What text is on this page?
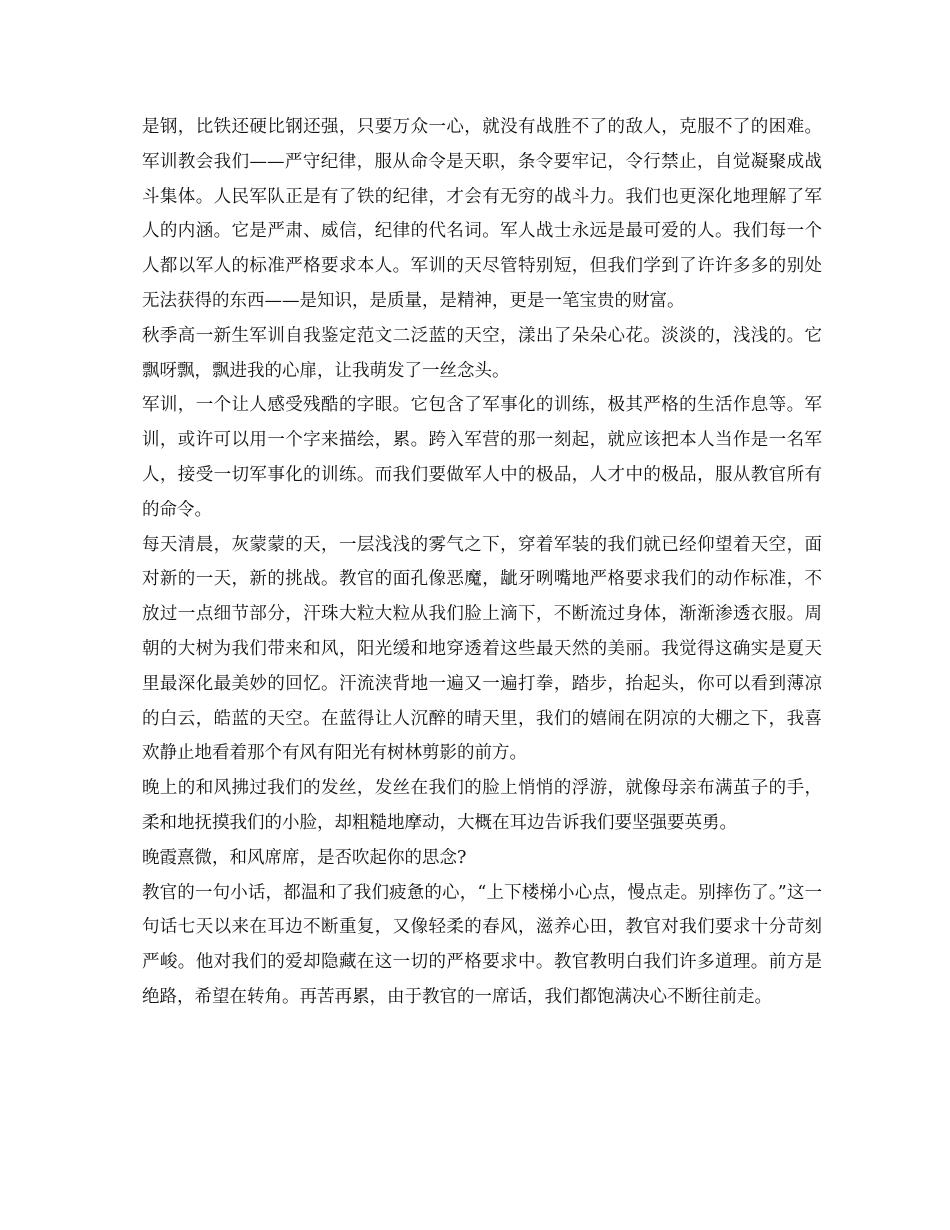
是钢，比铁还硬比钢还强，只要万众一心，就没有战胜不了的敌人，克服不了的困难。军训教会我们——严守纪律，服从命令是天职，条令要牢记，令行禁止，自觉凝聚成战斗集体。人民军队正是有了铁的纪律，才会有无穷的战斗力。我们也更深化地理解了军人的内涵。它是严肃、威信，纪律的代名词。军人战士永远是最可爱的人。我们每一个人都以军人的标准严格要求本人。军训的天尽管特别短，但我们学到了许许多多的别处无法获得的东西——是知识，是质量，是精神，更是一笔宝贵的财富。

秋季高一新生军训自我鉴定范文二泛蓝的天空，漾出了朵朵心花。淡淡的，浅浅的。它飘呀飘，飘进我的心扉，让我萌发了一丝念头。

军训，一个让人感受残酷的字眼。它包含了军事化的训练，极其严格的生活作息等。军训，或许可以用一个字来描绘，累。跨入军营的那一刻起，就应该把本人当作是一名军人，接受一切军事化的训练。而我们要做军人中的极品，人才中的极品，服从教官所有的命令。

每天清晨，灰蒙蒙的天，一层浅浅的雾气之下，穿着军装的我们就已经仰望着天空，面对新的一天，新的挑战。教官的面孔像恶魔，龇牙咧嘴地严格要求我们的动作标准，不放过一点细节部分，汗珠大粒大粒从我们脸上滴下，不断流过身体，渐渐渗透衣服。周朝的大树为我们带来和风，阳光缓和地穿透着这些最天然的美丽。我觉得这确实是夏天里最深化最美妙的回忆。汗流浃背地一遍又一遍打拳，踏步，抬起头，你可以看到薄凉的白云，皓蓝的天空。在蓝得让人沉醉的晴天里，我们的嬉闹在阴凉的大棚之下，我喜欢静止地看着那个有风有阳光有树林剪影的前方。

晚上的和风拂过我们的发丝，发丝在我们的脸上悄悄的浮游，就像母亲布满茧子的手，柔和地抚摸我们的小脸，却粗糙地摩动，大概在耳边告诉我们要坚强要英勇。

晚霞熹微，和风席席，是否吹起你的思念?

教官的一句小话，都温和了我们疲惫的心，“上下楼梯小心点，慢点走。别摔伤了。”这一句话七天以来在耳边不断重复，又像轻柔的春风，滋养心田，教官对我们要求十分苛刻严峻。他对我们的爱却隐藏在这一切的严格要求中。教官教明白我们许多道理。前方是绝路，希望在转角。再苦再累，由于教官的一席话，我们都饱满决心不断往前走。
